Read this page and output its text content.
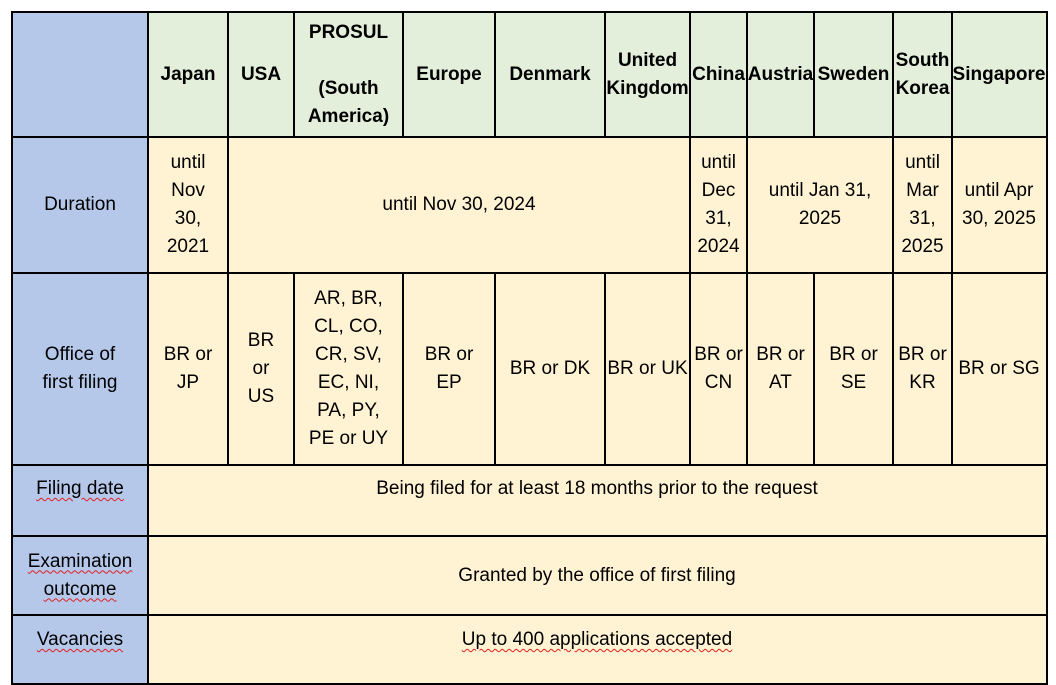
Japan USA
PROSUL

(South
America)
Europe Denmark
United
Kingdom
China Austria Sweden
South
Korea
Singapore
Duration
until
Nov
30,
2021
until Nov 30, 2024
until
Dec
31,
2024
until Jan 31,
2025
until
Mar
31,
2025
until Apr
30, 2025
Office of
first filing
BR or
JP
BR
or
US
AR, BR,
CL, CO,
CR, SV,
EC, NI,
PA, PY,
PE or UY
BR or
EP
BR or DK BR or UK
BR or
CN
BR or
AT
BR or SE
BR or
KR
BR or SG
Filing date	Being filed for at least 18 months prior to the request
Examination
outcome
Granted by the office of first filing
Vacancies	Up to 400 applications accepted
